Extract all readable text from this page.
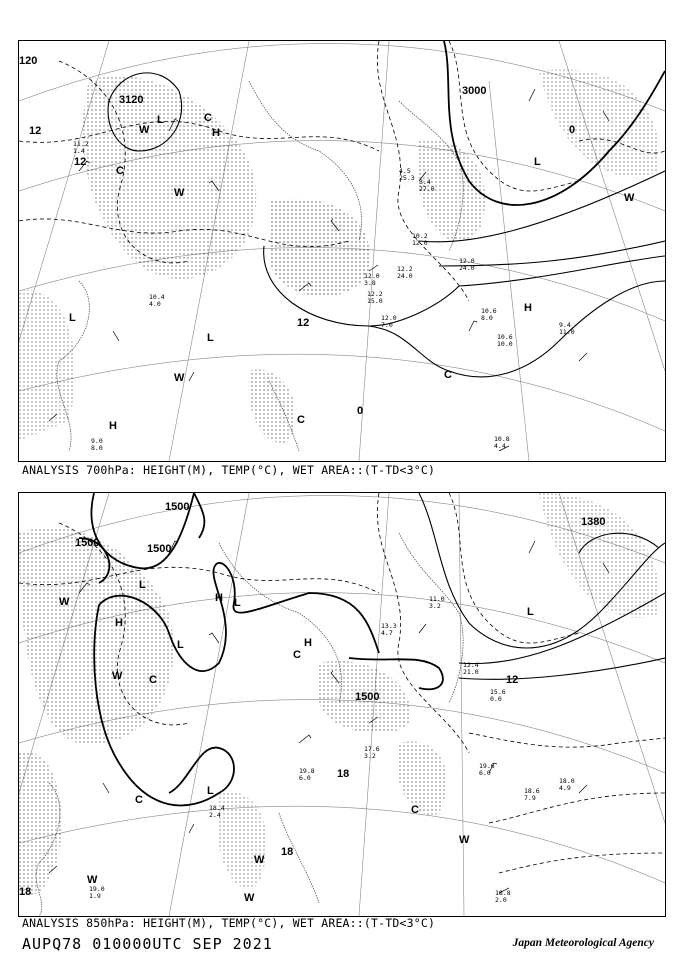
11.2
1.4
12.0
3.8
10.6
8.0
10.6
10.0
9.4
11.0
10.8
4.4
9.0
8.0
12.0
7.0
10.4
4.0
12.0
24.0
4.5
25.3 3.4
27.0
10.2
12.0
12.2
24.0
12.2
15.0
3000
3120
120
12
12
0
12
0
H
L
L
L
H
H
L
W
W
W
C
C
C
W
C
ANALYSIS 700hPa: HEIGHT(M), TEMP(°C), WET AREA::(T-TD<3°C)
19.6
6.0
18.6
7.9
18.0
4.9
18.8
2.0
17.6
3.2
19.0
1.9
12.4
21.0
15.6
0.0
13.3
4.7
18.4
2.4
11.0
3.2
19.8
6.0
1500
1500	1500
1500
1380
12
18
18
18
H
L
L
H
L
H
L
L
W
W
W
W
C
C
C
C
W
W
ANALYSIS 850hPa: HEIGHT(M), TEMP(°C), WET AREA::(T-TD<3°C)
AUPQ78 010000UTC SEP 2021	Japan Meteorological Agency
